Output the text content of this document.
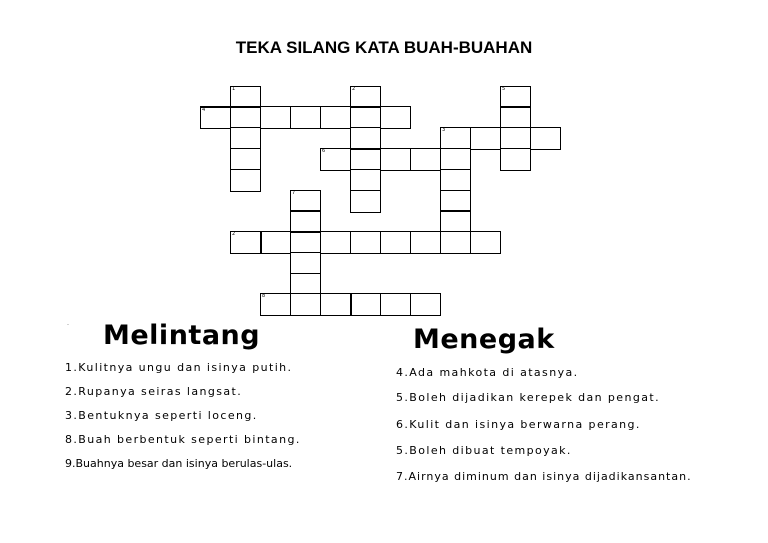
TEKA SILANG KATA BUAH-BUAHAN
1	2	5
4
3
6
7
2
8
· Melintang	Menegak
1.Kulitnya ungu dan isinya putih.
2.Rupanya seiras langsat.
3.Bentuknya seperti loceng.
8.Buah berbentuk seperti bintang.
9.Buahnya besar dan isinya berulas-ulas.
4.Ada mahkota di atasnya.
5.Boleh dijadikan kerepek dan pengat.
6.Kulit dan isinya berwarna perang.
5.Boleh dibuat tempoyak.
7.Airnya diminum dan isinya dijadikansantan.
